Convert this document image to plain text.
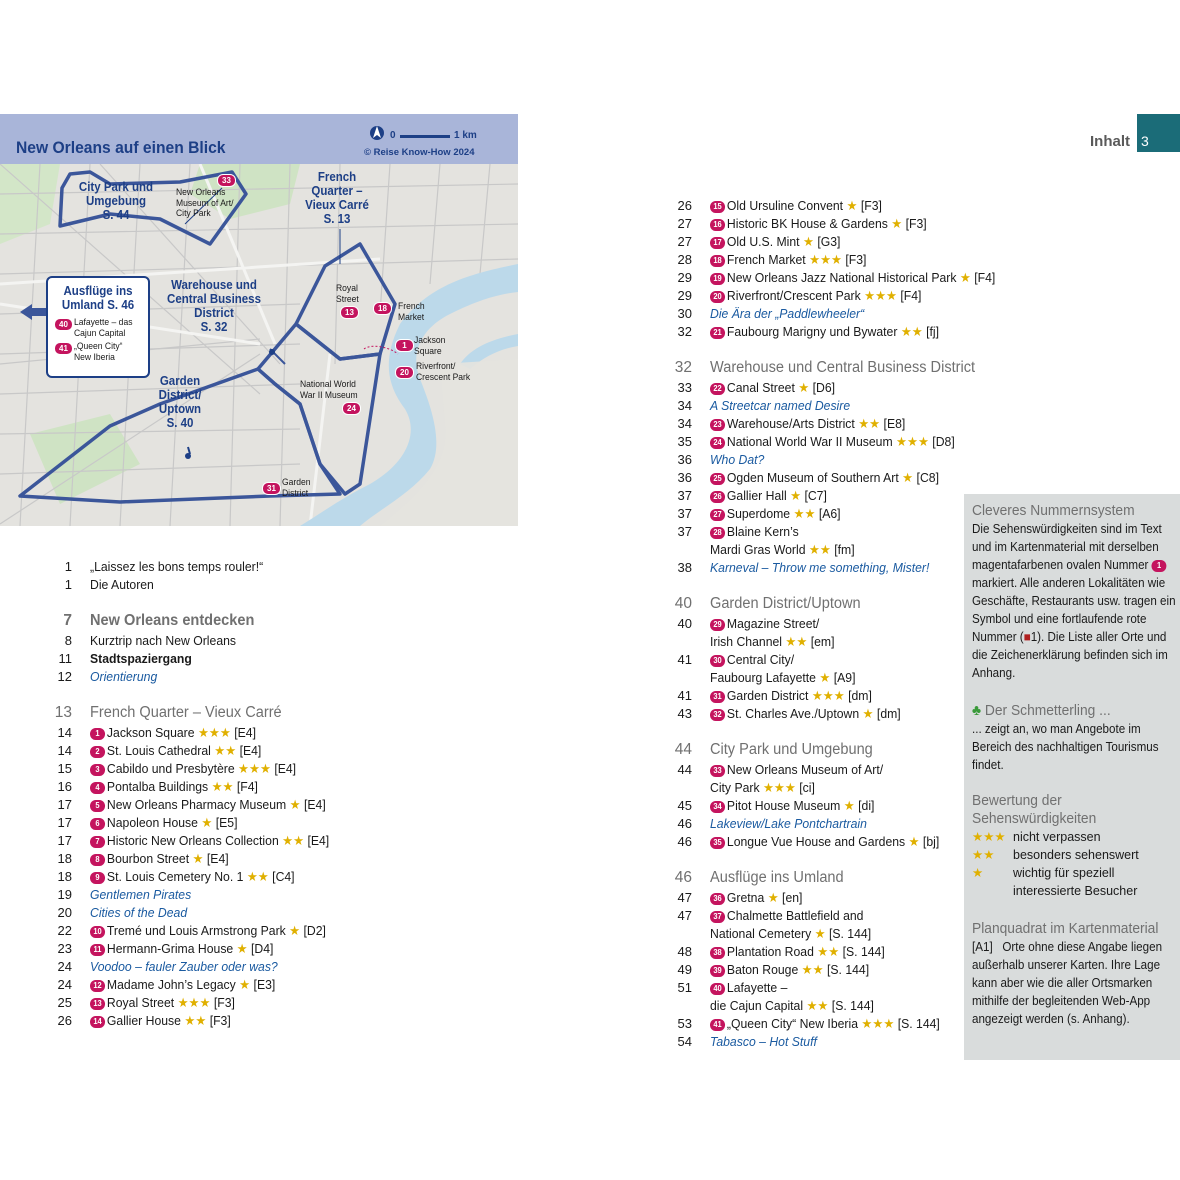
New Orleans auf einen Blick
0	1 km
© Reise Know-How 2024
City Park und
Umgebung
S. 44
French
Quarter –
Vieux Carré
S. 13
Warehouse und
Central Business
District
S. 32
Garden
District/
Uptown
S. 40
33
New Orleans
Museum of Art/
City Park
Royal
Street
13	18	French
Market
1 Jackson
Square
20
Riverfront/
Crescent Park
National World
War II Museum
24
31
Garden
District
Ausflüge ins
Umland S. 46
40 Lafayette – das
Cajun Capital
41 „Queen City“
New Iberia
Inhalt 3
1 „Laissez les bons temps rouler!“
1 Die Autoren
7 New Orleans entdecken
8 Kurztrip nach New Orleans
11 Stadtspaziergang
12 Orientierung
13 French Quarter – Vieux Carré
14	1 Jackson Square ★★★ [E4]
14	2 St. Louis Cathedral ★★ [E4]
15	3 Cabildo und Presbytère ★★★ [E4]
16	4 Pontalba Buildings ★★ [F4]
17	5 New Orleans Pharmacy Museum ★ [E4]
17	6 Napoleon House ★ [E5]
17	7 Historic New Orleans Collection ★★ [E4]
18	8 Bourbon Street ★ [E4]
18	9 St. Louis Cemetery No. 1 ★★ [C4]
19 Gentlemen Pirates
20 Cities of the Dead
22	10 Tremé und Louis Armstrong Park ★ [D2]
23	11 Hermann-Grima House ★ [D4]
24 Voodoo – fauler Zauber oder was?
24	12 Madame John’s Legacy ★ [E3]
25	13 Royal Street ★★★ [F3]
26	14 Gallier House ★★ [F3]
26	15 Old Ursuline Convent ★ [F3]
27	16 Historic BK House & Gardens ★ [F3]
27	17 Old U.S. Mint ★ [G3]
28	18 French Market ★★★ [F3]
29	19 New Orleans Jazz National Historical Park ★ [F4]
29	20 Riverfront/Crescent Park ★★★ [F4]
30 Die Ära der „Paddlewheeler“
32	21 Faubourg Marigny und Bywater ★★ [fj]
32 Warehouse und Central Business District
33	22 Canal Street ★ [D6]
34 A Streetcar named Desire
34	23 Warehouse/Arts District ★★ [E8]
35	24 National World War II Museum ★★★ [D8]
36 Who Dat?
36	25 Ogden Museum of Southern Art ★ [C8]
37	26 Gallier Hall ★ [C7]
37	27 Superdome ★★ [A6]
37	28 Blaine Kern’s
Mardi Gras World ★★ [fm]
38 Karneval – Throw me something, Mister!
40 Garden District/Uptown
40	29 Magazine Street/
Irish Channel ★★ [em]
41	30 Central City/
Faubourg Lafayette ★ [A9]
41	31 Garden District ★★★ [dm]
43	32 St. Charles Ave./Uptown ★ [dm]
44 City Park und Umgebung
44	33 New Orleans Museum of Art/
City Park ★★★ [ci]
45	34 Pitot House Museum ★ [di]
46 Lakeview/Lake Pontchartrain
46	35 Longue Vue House and Gardens ★ [bj]
46 Ausflüge ins Umland
47	36 Gretna ★ [en]
47	37 Chalmette Battlefield and
National Cemetery ★ [S. 144]
48	38 Plantation Road ★★ [S. 144]
49	39 Baton Rouge ★★ [S. 144]
51	40 Lafayette –
die Cajun Capital ★★ [S. 144]
53	41 „Queen City“ New Iberia ★★★ [S. 144]
54 Tabasco – Hot Stuff
Cleveres Nummernsystem
Die Sehenswürdigkeiten sind im Text und im Kartenmaterial mit derselben magentafarbenen ovalen Nummer 1 markiert. Alle anderen Lokalitäten wie Geschäfte, Restaurants usw. tragen ein Symbol und eine fortlaufende rote Nummer (■1). Die Liste aller Orte und die Zeichenerklärung befinden sich im Anhang.
♣ Der Schmetterling ...
... zeigt an, wo man Angebote im Bereich des nachhaltigen Tourismus findet.
Bewertung der
Sehenswürdigkeiten
★★★ nicht verpassen
★★ besonders sehenswert
★ wichtig für speziell
interessierte Besucher
Planquadrat im Kartenmaterial
[A1] Orte ohne diese Angabe liegen außerhalb unserer Karten. Ihre Lage kann aber wie die aller Ortsmarken mithilfe der begleitenden Web-App angezeigt werden (s. Anhang).
